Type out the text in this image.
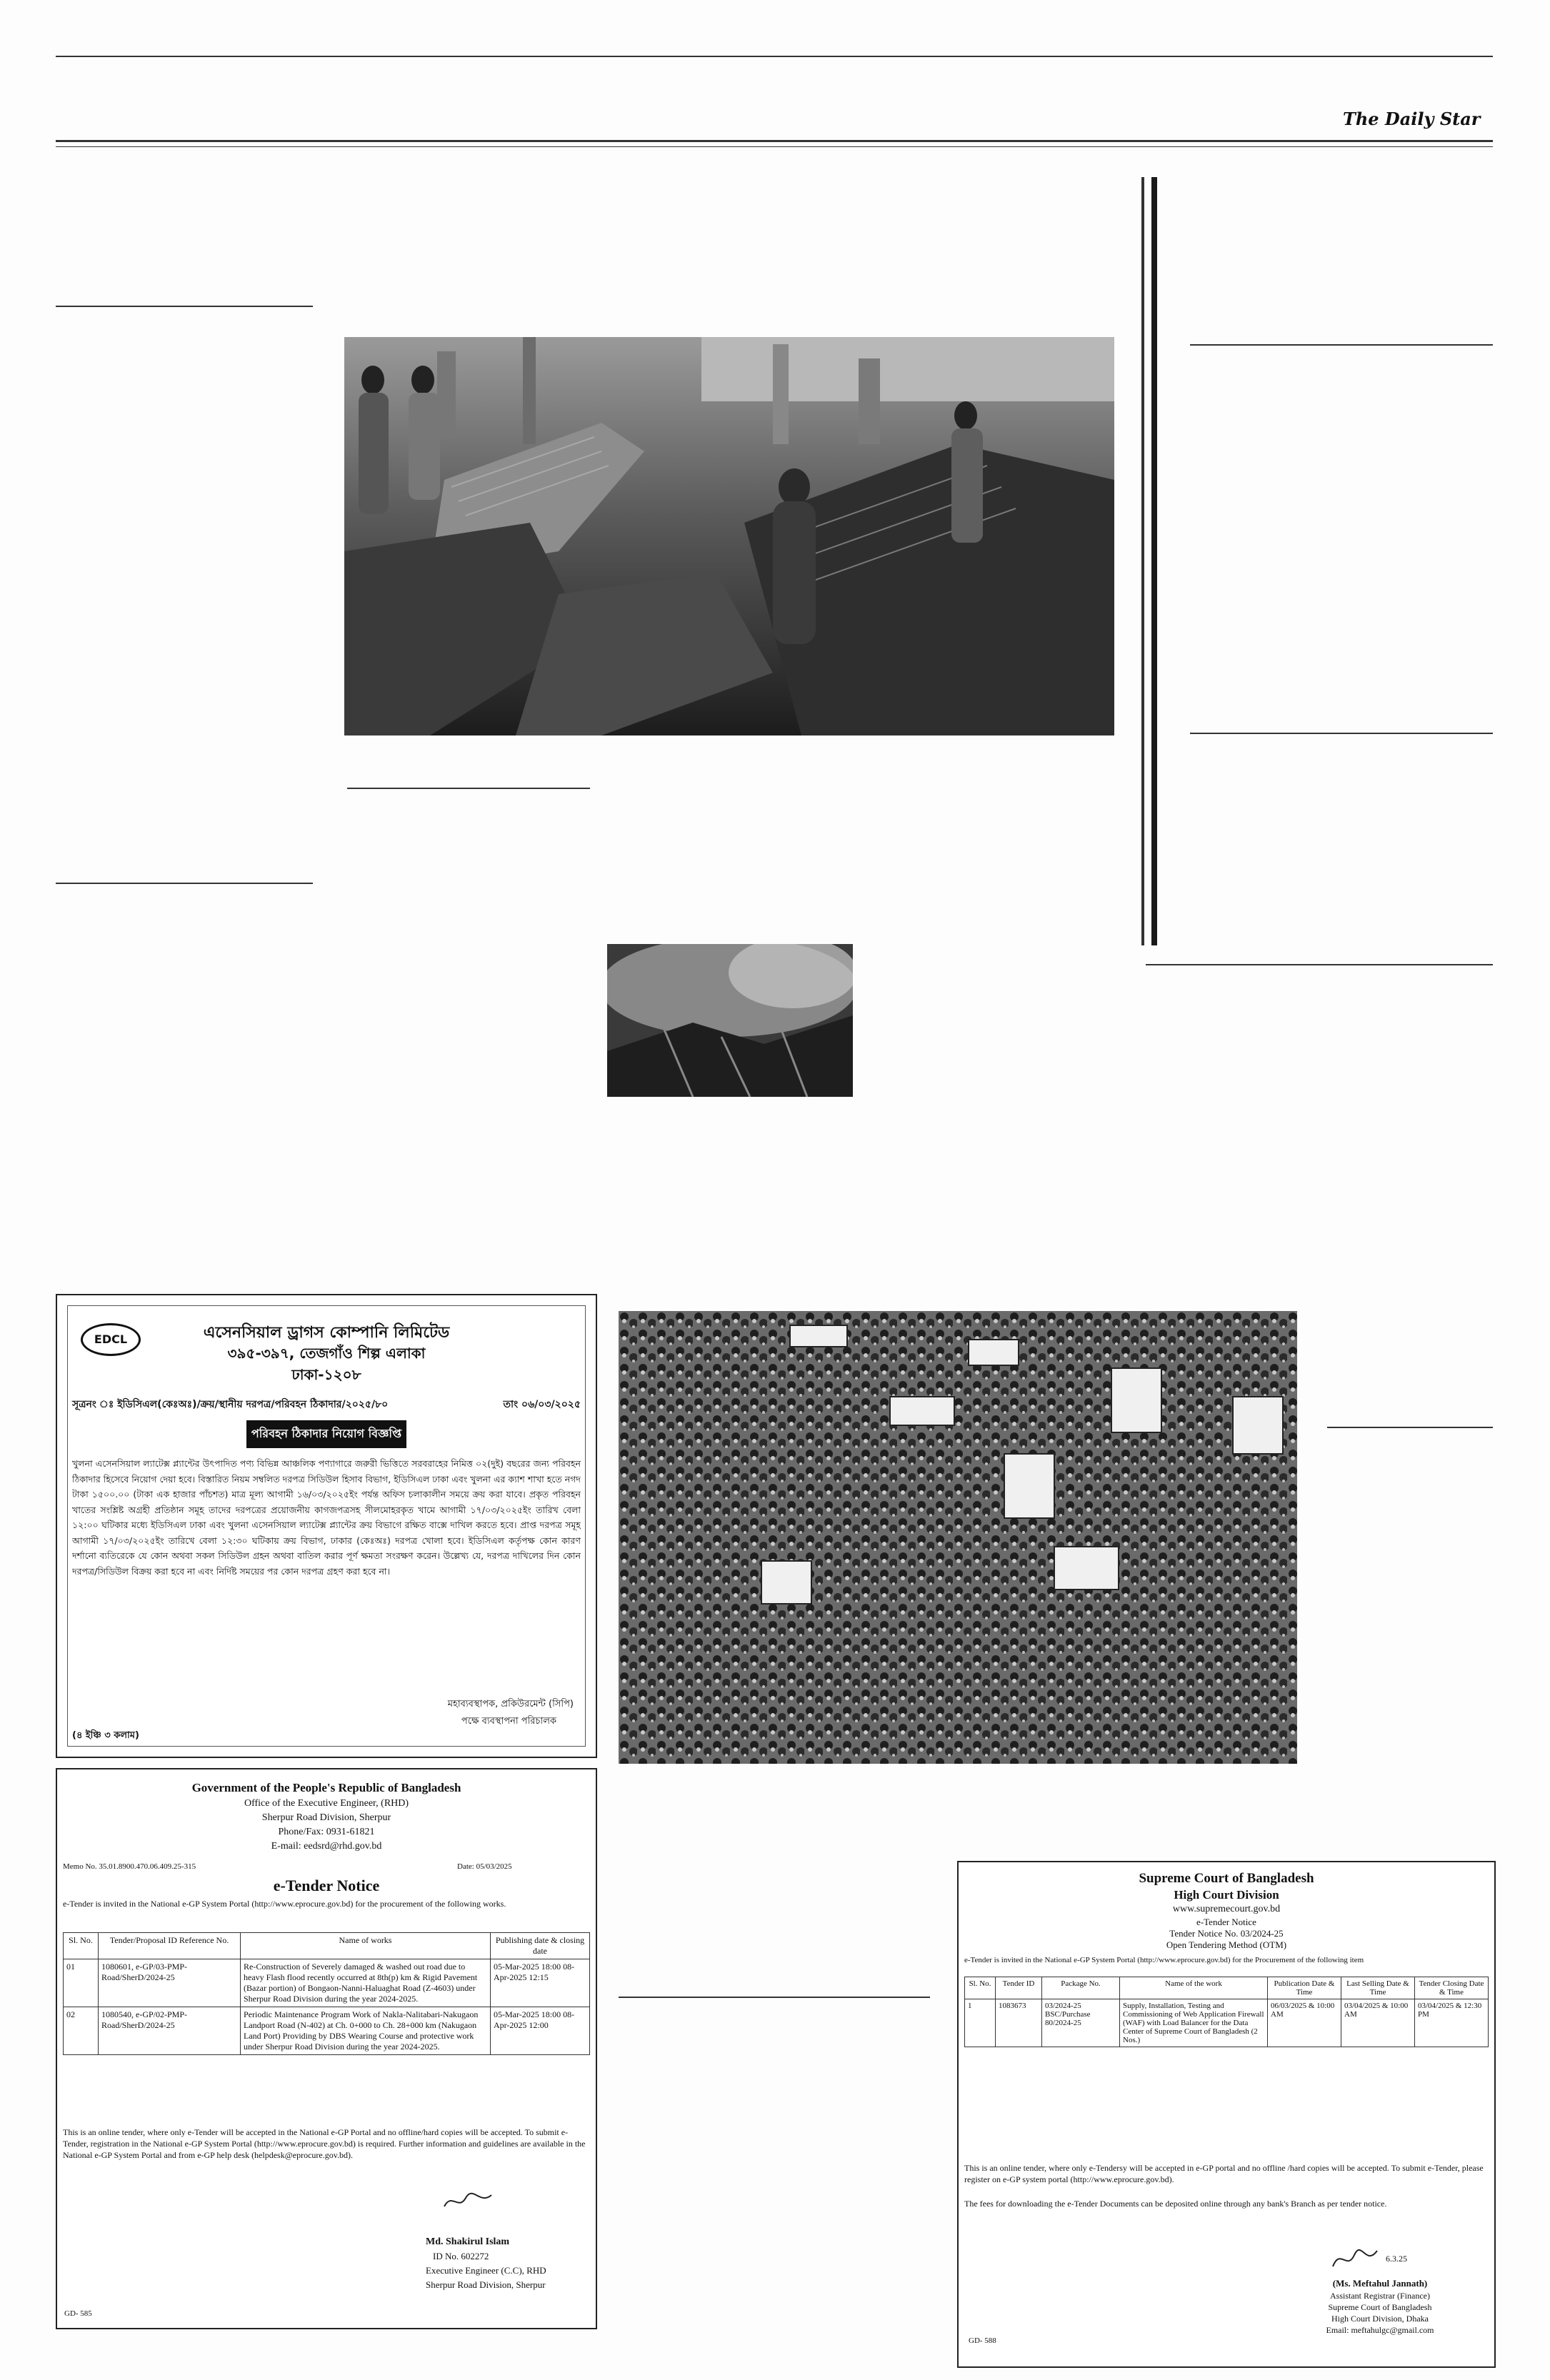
The Daily Star
EDCL	এসেনসিয়াল ড্রাগস কোম্পানি লিমিটেড
৩৯৫-৩৯৭, তেজগাঁও শিল্প এলাকা
ঢাকা-১২০৮
সূত্রনং ঃ ইডিসিএল(কেঃঅঃ)/ক্রয়/স্থানীয় দরপত্র/পরিবহন ঠিকাদার/২০২৫/৮০	তাং ০৬/০৩/২০২৫
পরিবহন ঠিকাদার নিয়োগ বিজ্ঞপ্তি
খুলনা এসেনসিয়াল ল্যাটেক্স প্ল্যান্টের উৎপাদিত পণ্য বিভিন্ন আঞ্চলিক পণ্যাগারে জরুরী ভিত্তিতে সরবরাহের নিমিত্ত ০২(দুই) বছরের জন্য পরিবহন ঠিকাদার হিসেবে নিয়োগ দেয়া হবে। বিস্তারিত নিয়ম সম্বলিত দরপত্র সিডিউল হিসাব বিভাগ, ইডিসিএল ঢাকা এবং খুলনা এর ক্যাশ শাখা হতে নগদ টাকা ১৫০০.০০ (টাকা এক হাজার পাঁচশত) মাত্র মূল্য আগামী ১৬/০৩/২০২৫ইং পর্যন্ত অফিস চলাকালীন সময়ে ক্রয় করা যাবে। প্রকৃত পরিবহন খাতের সংশ্লিষ্ট অগ্রহী প্রতিষ্ঠান সমূহ তাদের দরপত্রের প্রয়োজনীয় কাগজপত্রসহ সীলমোহরকৃত খামে আগামী ১৭/০৩/২০২৫ইং তারিখ বেলা ১২:০০ ঘটিকার মধ্যে ইডিসিএল ঢাকা এবং খুলনা এসেনসিয়াল ল্যাটেক্স প্ল্যান্টের ক্রয় বিভাগে রক্ষিত বাক্সে দাখিল করতে হবে। প্রাপ্ত দরপত্র সমূহ আগামী ১৭/০৩/২০২৫ইং তারিখে বেলা ১২:৩০ ঘটিকায় ক্রয় বিভাগ, ঢাকার (কেঃঅঃ) দরপত্র খোলা হবে। ইডিসিএল কর্তৃপক্ষ কোন কারণ দর্শানো ব্যতিরেকে যে কোন অথবা সকল সিডিউল গ্রহন অথবা বাতিল করার পূর্ণ ক্ষমতা সংরক্ষণ করেন। উল্লেখ্য যে, দরপত্র দাখিলের দিন কোন দরপত্র/সিডিউল বিক্রয় করা হবে না এবং নির্দিষ্ট সময়ের পর কোন দরপত্র গ্রহণ করা হবে না।
মহাব্যবস্থাপক, প্রকিউরমেন্ট (সিপি)
পক্ষে ব্যবস্থাপনা পরিচালক
(৪ ইঞ্চি ৩ কলাম)
Government of the People's Republic of Bangladesh
Office of the Executive Engineer, (RHD)
Sherpur Road Division, Sherpur
Phone/Fax: 0931-61821
E-mail: eedsrd@rhd.gov.bd
Memo No. 35.01.8900.470.06.409.25-315	Date: 05/03/2025
e-Tender Notice
e-Tender is invited in the National e-GP System Portal (http://www.eprocure.gov.bd) for the procurement of the following works.
Sl. No.	Tender/Proposal ID Reference No.	Name of works	Publishing date & closing date
01	1080601, e-GP/03-PMP-Road/SherD/2024-25	Re-Construction of Severely damaged & washed out road due to heavy Flash flood recently occurred at 8th(p) km & Rigid Pavement (Bazar portion) of Bongaon-Nanni-Haluaghat Road (Z-4603) under Sherpur Road Division during the year 2024-2025.	05-Mar-2025 18:00 08-Apr-2025 12:15
02	1080540, e-GP/02-PMP-Road/SherD/2024-25	Periodic Maintenance Program Work of Nakla-Nalitabari-Nakugaon Landport Road (N-402) at Ch. 0+000 to Ch. 28+000 km (Nakugaon Land Port) Providing by DBS Wearing Course and protective work under Sherpur Road Division during the year 2024-2025.	05-Mar-2025 18:00 08-Apr-2025 12:00
This is an online tender, where only e-Tender will be accepted in the National e-GP Portal and no offline/hard copies will be accepted. To submit e-Tender, registration in the National e-GP System Portal (http://www.eprocure.gov.bd) is required. Further information and guidelines are available in the National e-GP System Portal and from e-GP help desk (helpdesk@eprocure.gov.bd).
Md. Shakirul Islam
ID No. 602272
Executive Engineer (C.C), RHD
Sherpur Road Division, Sherpur
GD- 585
Supreme Court of Bangladesh
High Court Division
www.supremecourt.gov.bd
e-Tender Notice
Tender Notice No. 03/2024-25
Open Tendering Method (OTM)
e-Tender is invited in the National e-GP System Portal (http://www.eprocure.gov.bd) for the Procurement of the following item
Sl. No.	Tender ID	Package No.	Name of the work	Publication Date & Time	Last Selling Date & Time	Tender Closing Date & Time
1	1083673	03/2024-25 BSC/Purchase 80/2024-25	Supply, Installation, Testing and Commissioning of Web Application Firewall (WAF) with Load Balancer for the Data Center of Supreme Court of Bangladesh (2 Nos.)	06/03/2025 & 10:00 AM	03/04/2025 & 10:00 AM	03/04/2025 & 12:30 PM
This is an online tender, where only e-Tendersy will be accepted in e-GP portal and no offline /hard copies will be accepted. To submit e-Tender, please register on e-GP system portal (http://www.eprocure.gov.bd).
The fees for downloading the e-Tender Documents can be deposited online through any bank's Branch as per tender notice.
6.3.25
(Ms. Meftahul Jannath)
Assistant Registrar (Finance)
Supreme Court of Bangladesh
High Court Division, Dhaka
Email: meftahulgc@gmail.com
GD- 588
